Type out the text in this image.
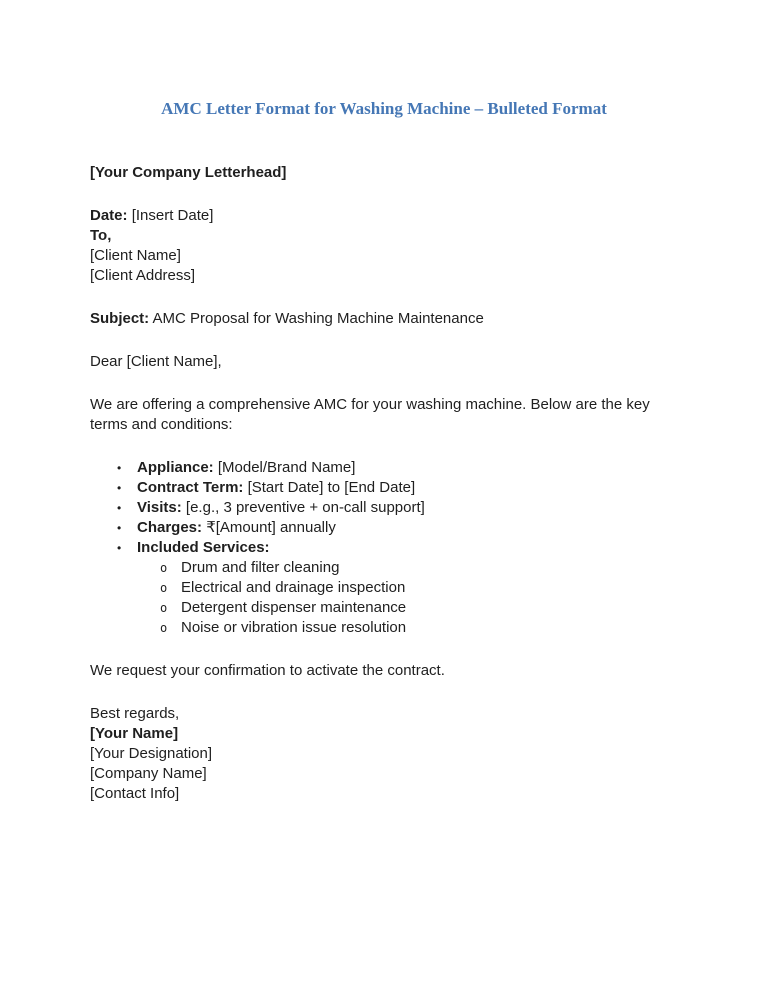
AMC Letter Format for Washing Machine – Bulleted Format

[Your Company Letterhead]

Date: [Insert Date]

To,

[Client Name]

[Client Address]

Subject: AMC Proposal for Washing Machine Maintenance

Dear [Client Name],

We are offering a comprehensive AMC for your washing machine. Below are the key terms and conditions:

•	Appliance: [Model/Brand Name]
•	Contract Term: [Start Date] to [End Date]
•	Visits: [e.g., 3 preventive + on-call support]
•	Charges: ₹[Amount] annually
•	Included Services:
o Drum and filter cleaning
o Electrical and drainage inspection
o Detergent dispenser maintenance
o Noise or vibration issue resolution

We request your confirmation to activate the contract.

Best regards,

[Your Name]

[Your Designation]

[Company Name]

[Contact Info]
